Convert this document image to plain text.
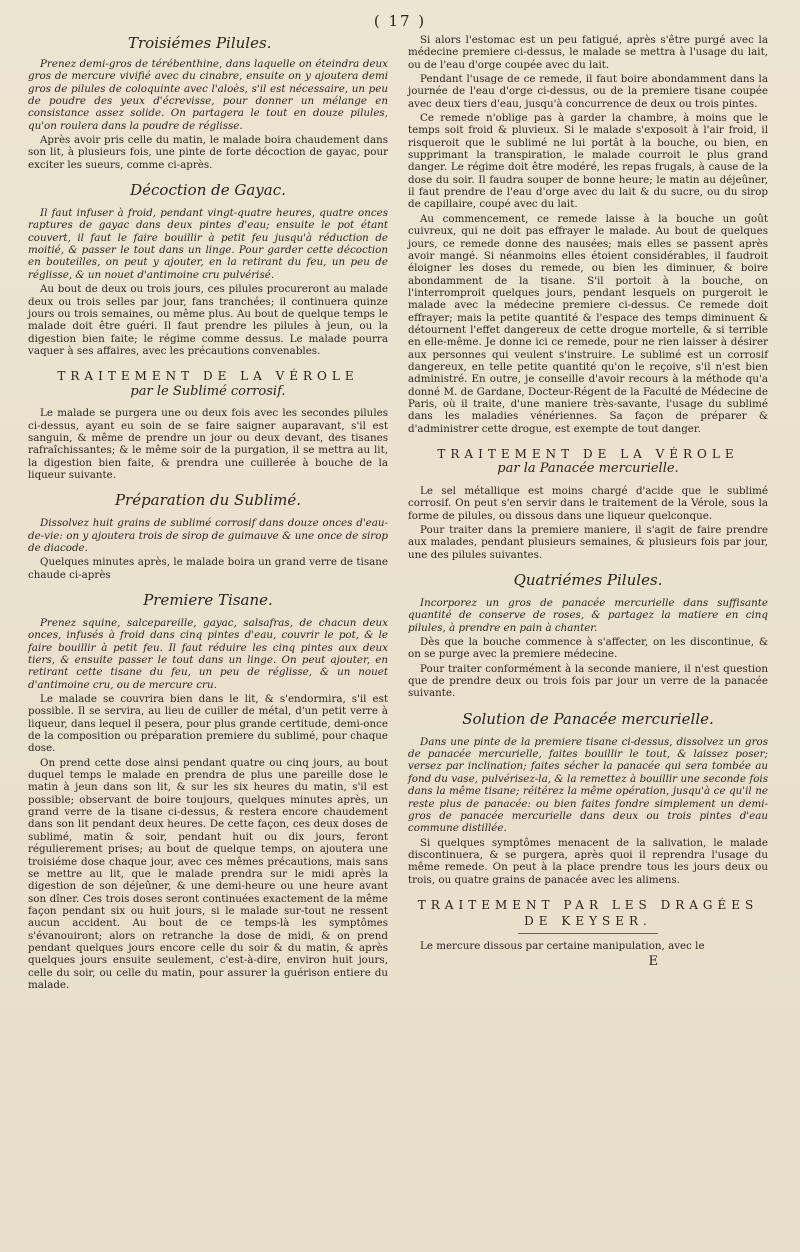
( 17 )
Troisiémes Pilules.

Prenez demi-gros de térébenthine, dans laquelle on éteindra deux gros de mercure vivifié avec du cinabre, ensuite on y ajoutera demi gros de pilules de coloquinte avec l'aloès, s'il est nécessaire, un peu de poudre des yeux d'écrevisse, pour donner un mélange en consistance assez solide. On partagera le tout en douze pilules, qu'on roulera dans la poudre de réglisse.

Après avoir pris celle du matin, le malade boira chaudement dans son lit, à plusieurs fois, une pinte de forte décoction de gayac, pour exciter les sueurs, comme ci-après.

Décoction de Gayac.

Il faut infuser à froid, pendant vingt-quatre heures, quatre onces raptures de gayac dans deux pintes d'eau; ensuite le pot étant couvert, il faut le faire bouillir à petit feu jusqu'à réduction de moitié, & passer le tout dans un linge. Pour garder cette décoction en bouteilles, on peut y ajouter, en la retirant du feu, un peu de réglisse, & un nouet d'antimoine cru pulvérisé.

Au bout de deux ou trois jours, ces pilules procureront au malade deux ou trois selles par jour, fans tranchées; il continuera quinze jours ou trois semaines, ou même plus. Au bout de quelque temps le malade doit être guéri. Il faut prendre les pilules à jeun, ou la digestion bien faite; le régime comme dessus. Le malade pourra vaquer à ses affaires, avec les précautions convenables.

TRAITEMENT DE LA VÉROLE
par le Sublimé corrosif.

Le malade se purgera une ou deux fois avec les secondes pilules ci-dessus, ayant eu soin de se faire saigner auparavant, s'il est sanguin, & même de prendre un jour ou deux devant, des tisanes rafraîchissantes; & le même soir de la purgation, il se mettra au lit, la digestion bien faite, & prendra une cuillerée à bouche de la liqueur suivante.

Préparation du Sublimé.

Dissolvez huit grains de sublimé corrosif dans douze onces d'eau-de-vie: on y ajoutera trois de sirop de guimauve & une once de sirop de diacode.

Quelques minutes après, le malade boira un grand verre de tisane chaude ci-après

Premiere Tisane.

Prenez squine, salcepareille, gayac, salsafras, de chacun deux onces, infusés à froid dans cinq pintes d'eau, couvrir le pot, & le faire bouillir à petit feu. Il faut réduire les cinq pintes aux deux tiers, & ensuite passer le tout dans un linge. On peut ajouter, en retirant cette tisane du feu, un peu de réglisse, & un nouet d'antimoine cru, ou de mercure cru.

Le malade se couvrira bien dans le lit, & s'endormira, s'il est possible. Il se servira, au lieu de cuiller de métal, d'un petit verre à liqueur, dans lequel il pesera, pour plus grande certitude, demi-once de la composition ou préparation premiere du sublimé, pour chaque dose.

On prend cette dose ainsi pendant quatre ou cinq jours, au bout duquel temps le malade en prendra de plus une pareille dose le matin à jeun dans son lit, & sur les six heures du matin, s'il est possible; observant de boire toujours, quelques minutes après, un grand verre de la tisane ci-dessus, & restera encore chaudement dans son lit pendant deux heures. De cette façon, ces deux doses de sublimé, matin & soir, pendant huit ou dix jours, feront régulierement prises; au bout de quelque temps, on ajoutera une troisiéme dose chaque jour, avec ces mêmes précautions, mais sans se mettre au lit, que le malade prendra sur le midi après la digestion de son déjeûner, & une demi-heure ou une heure avant son dîner. Ces trois doses seront continuées exactement de la même façon pendant six ou huit jours, si le malade sur-tout ne ressent aucun accident. Au bout de ce temps-là les symptômes s'évanouiront; alors on retranche la dose de midi, & on prend pendant quelques jours encore celle du soir & du matin, & après quelques jours ensuite seulement, c'est-à-dire, environ huit jours, celle du soir, ou celle du matin, pour assurer la guérison entiere du malade.

Si alors l'estomac est un peu fatigué, après s'être purgé avec la médecine premiere ci-dessus, le malade se mettra à l'usage du lait, ou de l'eau d'orge coupée avec du lait.

Pendant l'usage de ce remede, il faut boire abondamment dans la journée de l'eau d'orge ci-dessus, ou de la premiere tisane coupée avec deux tiers d'eau, jusqu'à concurrence de deux ou trois pintes.

Ce remede n'oblige pas à garder la chambre, à moins que le temps soit froid & pluvieux. Si le malade s'exposoit à l'air froid, il risqueroit que le sublimé ne lui portât à la bouche, ou bien, en supprimant la transpiration, le malade courroit le plus grand danger. Le régime doit être modéré, les repas frugals, à cause de la dose du soir. Il faudra souper de bonne heure; le matin au déjeûner, il faut prendre de l'eau d'orge avec du lait & du sucre, ou du sirop de capillaire, coupé avec du lait.

Au commencement, ce remede laisse à la bouche un goût cuivreux, qui ne doit pas effrayer le malade. Au bout de quelques jours, ce remede donne des nausées; mais elles se passent après avoir mangé. Si néanmoins elles étoient considérables, il faudroit éloigner les doses du remede, ou bien les diminuer, & boire abondamment de la tisane. S'il portoit à la bouche, on l'interromproit quelques jours, pendant lesquels on purgeroit le malade avec la médecine premiere ci-dessus. Ce remede doit effrayer; mais la petite quantité & l'espace des temps diminuent & détournent l'effet dangereux de cette drogue mortelle, & si terrible en elle-même. Je donne ici ce remede, pour ne rien laisser à désirer aux personnes qui veulent s'instruire. Le sublimé est un corrosif dangereux, en telle petite quantité qu'on le reçoive, s'il n'est bien administré. En outre, je conseille d'avoir recours à la méthode qu'a donné M. de Gardane, Docteur-Régent de la Faculté de Médecine de Paris, où il traite, d'une maniere très-savante, l'usage du sublimé dans les maladies vénériennes. Sa façon de préparer & d'administrer cette drogue, est exempte de tout danger.

TRAITEMENT DE LA VÉROLE
par la Panacée mercurielle.

Le sel métallique est moins chargé d'acide que le sublimé corrosif. On peut s'en servir dans le traitement de la Vérole, sous la forme de pilules, ou dissous dans une liqueur quelconque.

Pour traiter dans la premiere maniere, il s'agit de faire prendre aux malades, pendant plusieurs semaines, & plusieurs fois par jour, une des pilules suivantes.

Quatriémes Pilules.

Incorporez un gros de panacée mercurielle dans suffisante quantité de conserve de roses, & partagez la matiere en cinq pilules, à prendre en pain à chanter.

Dès que la bouche commence à s'affecter, on les discontinue, & on se purge avec la premiere médecine.

Pour traiter conformément à la seconde maniere, il n'est question que de prendre deux ou trois fois par jour un verre de la panacée suivante.

Solution de Panacée mercurielle.

Dans une pinte de la premiere tisane ci-dessus, dissolvez un gros de panacée mercurielle, faites bouillir le tout, & laissez poser; versez par inclination; faites sécher la panacée qui sera tombée au fond du vase, pulvérisez-la, & la remettez à bouillir une seconde fois dans la même tisane; réitérez la même opération, jusqu'à ce qu'il ne reste plus de panacée: ou bien faites fondre simplement un demi-gros de panacée mercurielle dans deux ou trois pintes d'eau commune distillée.

Si quelques symptômes menacent de la salivation, le malade discontinuera, & se purgera, après quoi il reprendra l'usage du même remede. On peut à la place prendre tous les jours deux ou trois, ou quatre grains de panacée avec les alimens.

TRAITEMENT PAR LES DRAGÉES
DE KEYSER.

Le mercure dissous par certaine manipulation, avec le

E
